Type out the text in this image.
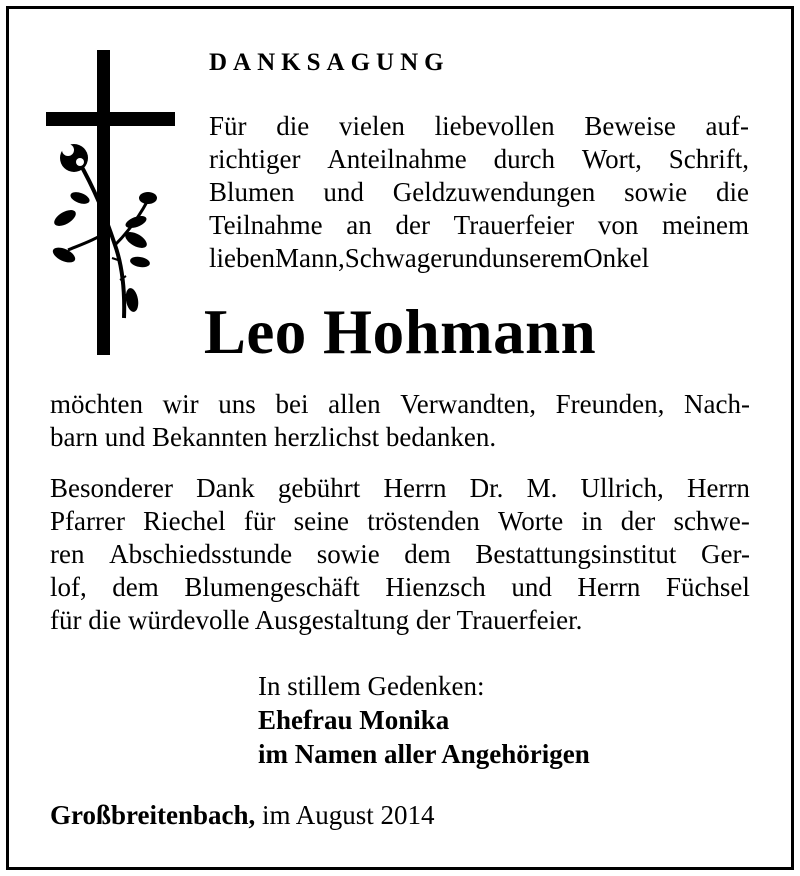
DANKSAGUNG
Für die vielen liebevollen Beweise auf-
richtiger Anteilnahme durch Wort, Schrift,
Blumen und Geldzuwendungen sowie die
Teilnahme an der Trauerfeier von meinem
lieben Mann, Schwager und unserem Onkel
Leo Hohmann
möchten wir uns bei allen Verwandten, Freunden, Nach-
barn und Bekannten herzlichst bedanken.
Besonderer Dank gebührt Herrn Dr. M. Ullrich, Herrn
Pfarrer Riechel für seine tröstenden Worte in der schwe-
ren Abschiedsstunde sowie dem Bestattungsinstitut Ger-
lof, dem Blumengeschäft Hienzsch und Herrn Füchsel
für die würdevolle Ausgestaltung der Trauerfeier.
In stillem Gedenken:
Ehefrau Monika
im Namen aller Angehörigen
Großbreitenbach, im August 2014
